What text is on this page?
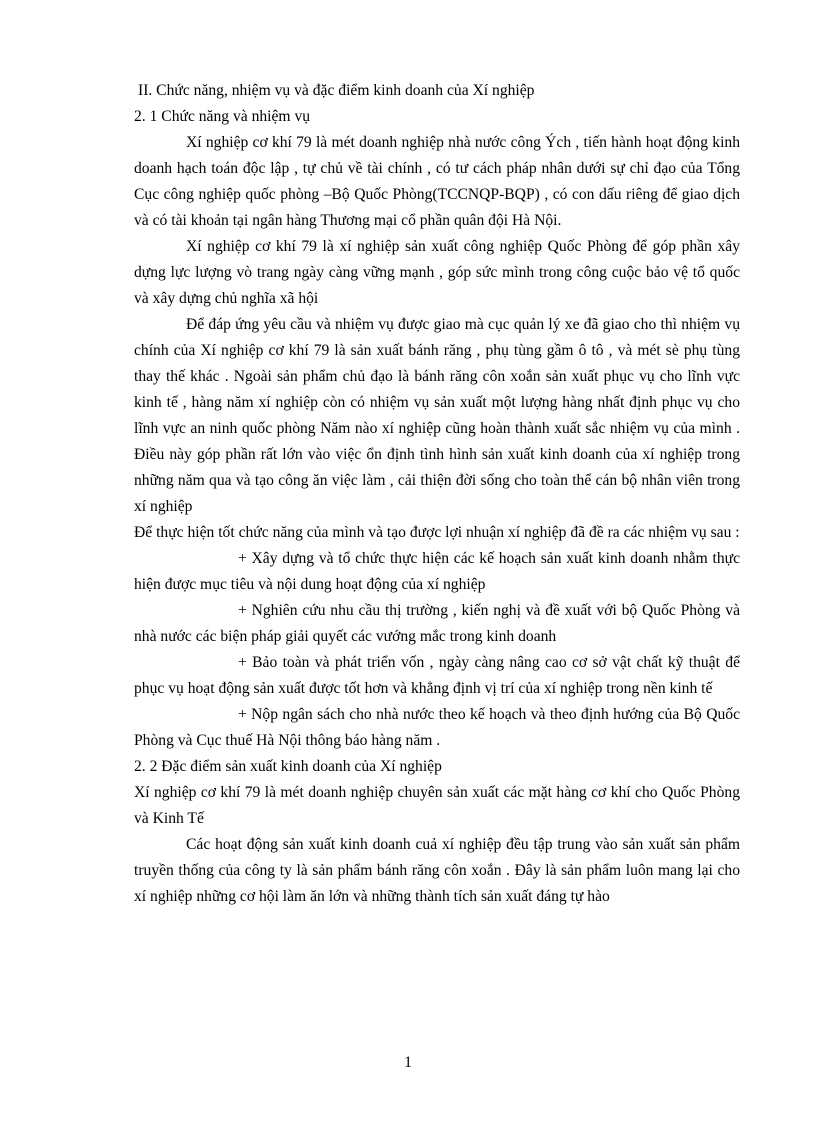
II. Chức năng, nhiệm vụ và đặc điểm kinh doanh của Xí nghiệp

2. 1 Chức năng và nhiệm vụ

Xí nghiệp cơ khí 79 là mét doanh nghiệp nhà nước công Ých , tiến hành hoạt động kinh doanh hạch toán độc lập , tự chủ về tài chính , có tư cách pháp nhân dưới sự chỉ đạo của Tổng Cục công nghiệp quốc phòng –Bộ Quốc Phòng(TCCNQP-BQP) , có con dấu riêng để giao dịch và có tài khoản tại ngân hàng Thương mại cổ phần quân đội Hà Nội.

Xí nghiệp cơ khí 79 là xí nghiệp sản xuất công nghiệp Quốc Phòng để góp phần xây dựng lực lượng vò trang ngày càng vững mạnh , góp sức mình trong công cuộc bảo vệ tổ quốc và xây dựng chủ nghĩa xã hội

Để đáp ứng yêu cầu và nhiệm vụ được giao mà cục quản lý xe đã giao cho thì nhiệm vụ chính của Xí nghiệp cơ khí 79 là sản xuất bánh răng , phụ tùng gầm ô tô , và mét sè phụ tùng thay thế khác . Ngoài sản phẩm chủ đạo là bánh răng côn xoắn sản xuất phục vụ cho lĩnh vực kinh tế , hàng năm xí nghiệp còn có nhiệm vụ sản xuất một lượng hàng nhất định phục vụ cho lĩnh vực an ninh quốc phòng Năm nào xí nghiệp cũng hoàn thành xuất sắc nhiệm vụ của mình . Điều này góp phần rất lớn vào việc ổn định tình hình sản xuất kinh doanh của xí nghiệp trong những năm qua và tạo công ăn việc làm , cải thiện đời sống cho toàn thể cán bộ nhân viên trong xí nghiệp

Để thực hiện tốt chức năng của mình và tạo được lợi nhuận xí nghiệp đã đề ra các nhiệm vụ sau :

+ Xây dựng và tổ chức thực hiện các kế hoạch sản xuất kinh doanh nhằm thực hiện được mục tiêu và nội dung hoạt động của xí nghiệp

+ Nghiên cứu nhu cầu thị trường , kiến nghị và đề xuất với bộ Quốc Phòng và nhà nước các biện pháp giải quyết các vướng mắc trong kinh doanh

+ Bảo toàn và phát triển vốn , ngày càng nâng cao cơ sở vật chất kỹ thuật để phục vụ hoạt động sản xuất được tốt hơn và khẳng định vị trí của xí nghiệp trong nền kinh tế

+ Nộp ngân sách cho nhà nước theo kế hoạch và theo định hướng của Bộ Quốc Phòng và Cục thuế Hà Nội thông báo hàng năm .

2. 2 Đặc điểm sản xuất kinh doanh của Xí nghiệp

Xí nghiệp cơ khí 79 là mét doanh nghiệp chuyên sản xuất các mặt hàng cơ khí cho Quốc Phòng và Kinh Tế

Các hoạt động sản xuất kinh doanh cuả xí nghiệp đều tập trung vào sản xuất sản phẩm truyền thống của công ty là sản phẩm bánh răng côn xoắn . Đây là sản phẩm luôn mang lại cho xí nghiệp những cơ hội làm ăn lớn và những thành tích sản xuất đáng tự hào

1
